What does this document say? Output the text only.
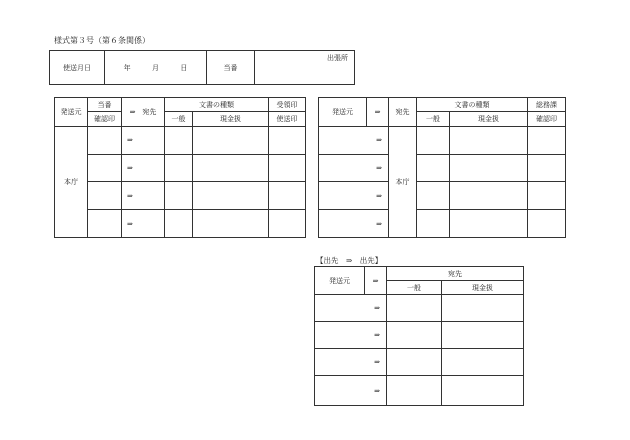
様式第３号（第６条関係）
使送月日	年	月	日	当番	
出張所
発送元	当番	⇒　宛先	文書の種類		受領印
	確認印		一般	現金扱	使送印
本庁		⇒			
		⇒			
		⇒			
		⇒			
発送元	⇒	宛先	文書の種類		総務課
			一般	現金扱	確認印
⇒		本庁			
⇒					
⇒					
⇒					
【出先　⇒　出先】
発送元	⇒	宛先	
		一般	現金扱
⇒			
⇒			
⇒			
⇒			
